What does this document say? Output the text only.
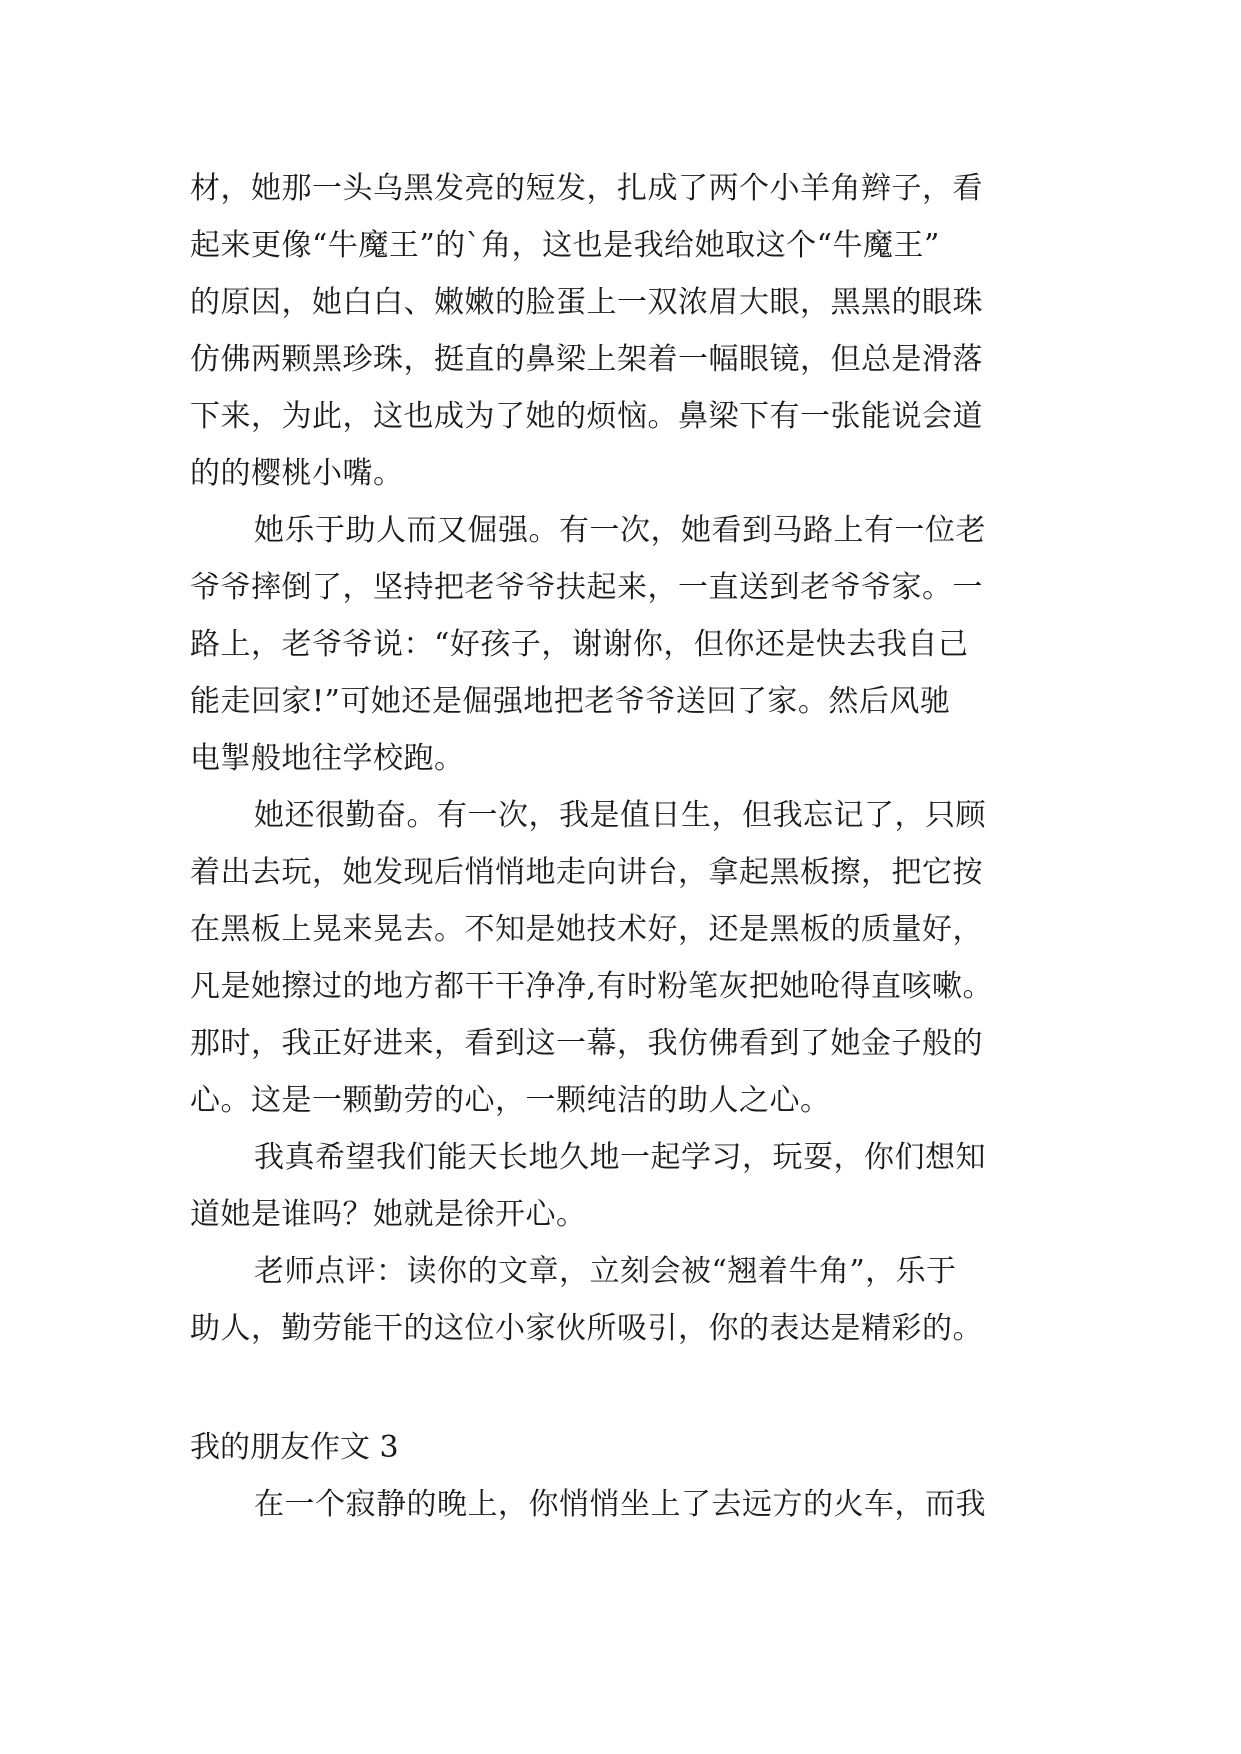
材，她那一头乌黑发亮的短发，扎成了两个小羊角辫子，看
起来更像“牛魔王”的`角，这也是我给她取这个“牛魔王”
的原因，她白白、嫩嫩的脸蛋上一双浓眉大眼，黑黑的眼珠
仿佛两颗黑珍珠，挺直的鼻梁上架着一幅眼镜，但总是滑落
下来，为此，这也成为了她的烦恼。鼻梁下有一张能说会道
的的樱桃小嘴。
她乐于助人而又倔强。有一次，她看到马路上有一位老
爷爷摔倒了，坚持把老爷爷扶起来，一直送到老爷爷家。一
路上，老爷爷说：“好孩子，谢谢你，但你还是快去我自己
能走回家!”可她还是倔强地把老爷爷送回了家。然后风驰
电掣般地往学校跑。
她还很勤奋。有一次，我是值日生，但我忘记了，只顾
着出去玩，她发现后悄悄地走向讲台，拿起黑板擦，把它按
在黑板上晃来晃去。不知是她技术好，还是黑板的质量好，
凡是她擦过的地方都干干净净,有时粉笔灰把她呛得直咳嗽。
那时，我正好进来，看到这一幕，我仿佛看到了她金子般的
心。这是一颗勤劳的心，一颗纯洁的助人之心。
我真希望我们能天长地久地一起学习，玩耍，你们想知
道她是谁吗？她就是徐开心。
老师点评：读你的文章，立刻会被“翘着牛角”，乐于
助人，勤劳能干的这位小家伙所吸引，你的表达是精彩的。
我的朋友作文 3
在一个寂静的晚上，你悄悄坐上了去远方的火车，而我
